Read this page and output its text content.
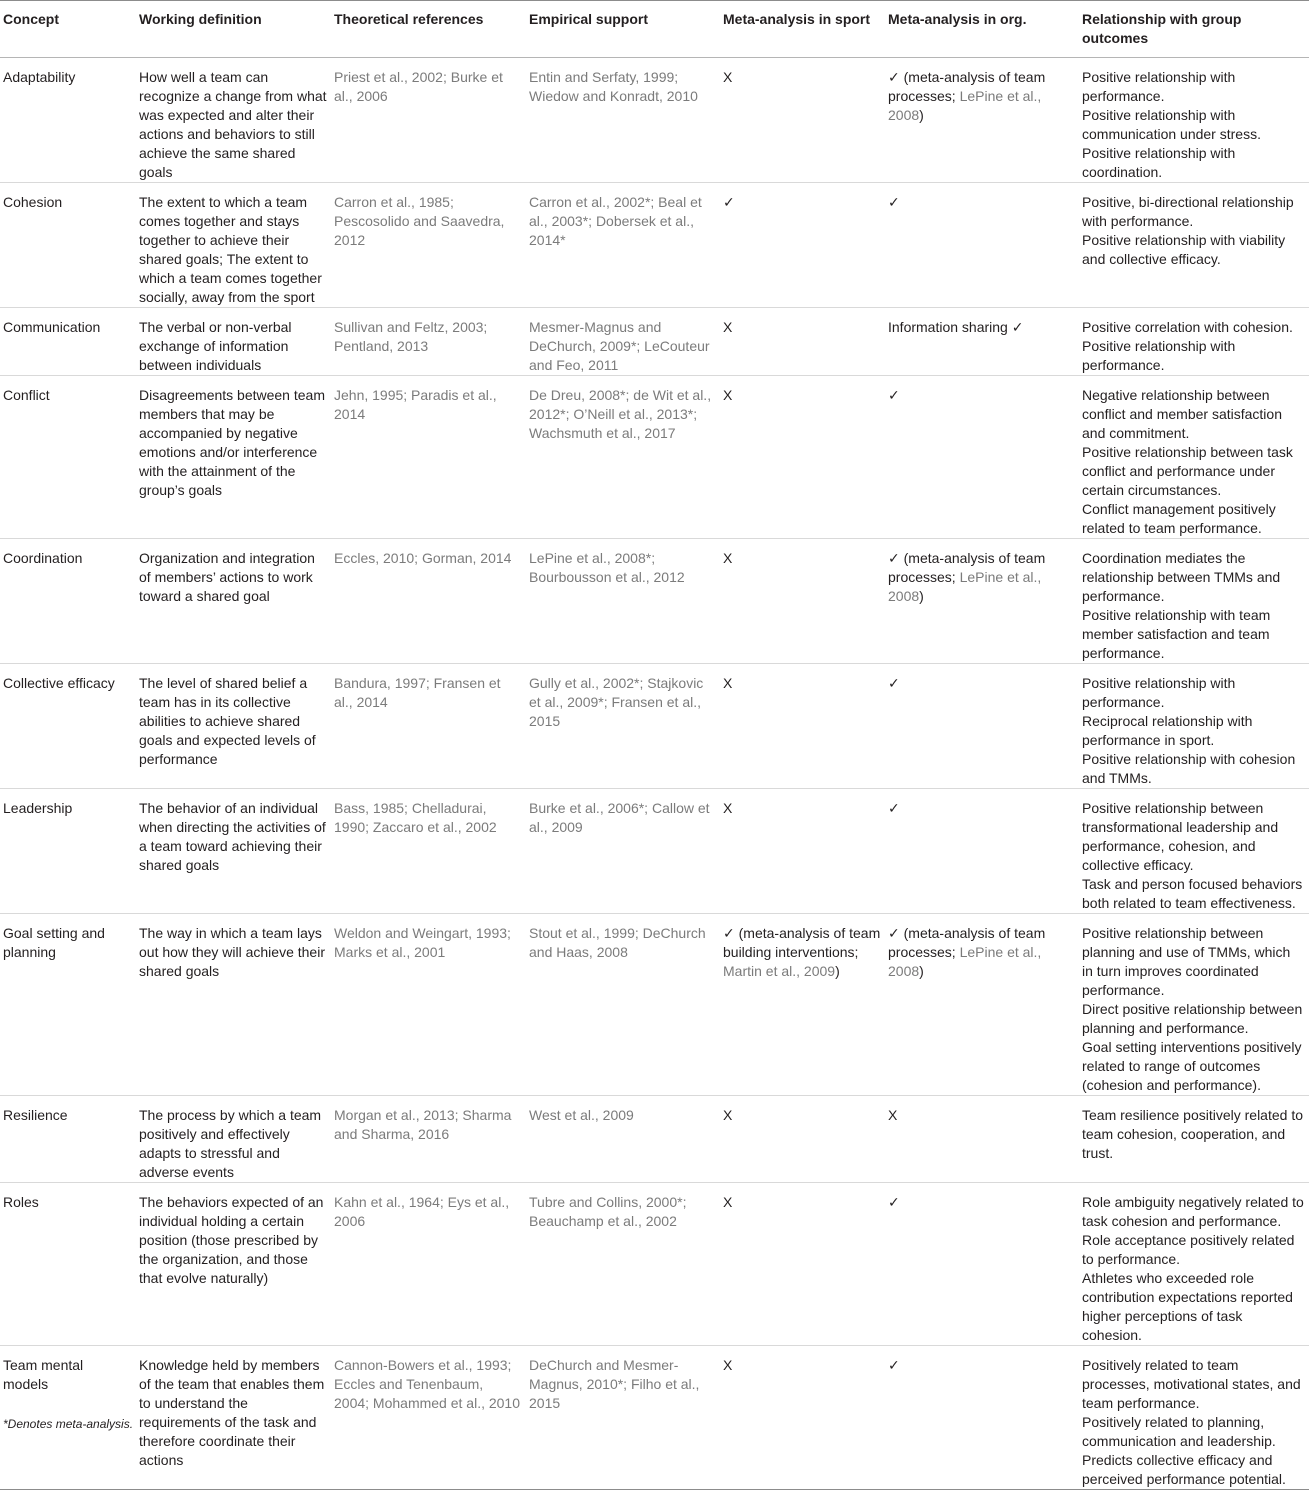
Concept	Working definition	Theoretical references	Empirical support	Meta-analysis in sport	Meta-analysis in org.	Relationship with group outcomes
Adaptability	How well a team can recognize a change from what was expected and alter their actions and behaviors to still achieve the same shared goals	Priest et al., 2002; Burke et al., 2006	Entin and Serfaty, 1999; Wiedow and Konradt, 2010	X	✓ (meta-analysis of team processes; LePine et al., 2008)	Positive relationship with performance.
Positive relationship with communication under stress.
Positive relationship with coordination.

Cohesion	The extent to which a team comes together and stays together to achieve their shared goals; The extent to which a team comes together socially, away from the sport	Carron et al., 1985; Pescosolido and Saavedra, 2012	Carron et al., 2002*; Beal et al., 2003*; Dobersek et al., 2014*	✓	✓	Positive, bi-directional relationship with performance.
Positive relationship with viability and collective efficacy.

Communication	The verbal or non-verbal exchange of information between individuals	Sullivan and Feltz, 2003; Pentland, 2013	Mesmer-Magnus and DeChurch, 2009*; LeCouteur and Feo, 2011	X	Information sharing ✓	Positive correlation with cohesion.
Positive relationship with performance.

Conflict	Disagreements between team members that may be accompanied by negative emotions and/or interference with the attainment of the group’s goals	Jehn, 1995; Paradis et al., 2014	De Dreu, 2008*; de Wit et al., 2012*; O’Neill et al., 2013*; Wachsmuth et al., 2017	X	✓	Negative relationship between conflict and member satisfaction and commitment.
Positive relationship between task conflict and performance under certain circumstances.
Conflict management positively related to team performance.

Coordination	Organization and integration of members’ actions to work toward a shared goal	Eccles, 2010; Gorman, 2014	LePine et al., 2008*; Bourbousson et al., 2012	X	✓ (meta-analysis of team processes; LePine et al., 2008)	Coordination mediates the relationship between TMMs and performance.
Positive relationship with team member satisfaction and team performance.

Collective efficacy	The level of shared belief a team has in its collective abilities to achieve shared goals and expected levels of performance	Bandura, 1997; Fransen et al., 2014	Gully et al., 2002*; Stajkovic et al., 2009*; Fransen et al., 2015	X	✓	Positive relationship with performance.
Reciprocal relationship with performance in sport.
Positive relationship with cohesion and TMMs.

Leadership	The behavior of an individual when directing the activities of a team toward achieving their shared goals	Bass, 1985; Chelladurai, 1990; Zaccaro et al., 2002	Burke et al., 2006*; Callow et al., 2009	X	✓	Positive relationship between transformational leadership and performance, cohesion, and collective efficacy.
Task and person focused behaviors both related to team effectiveness.

Goal setting and planning	The way in which a team lays out how they will achieve their shared goals	Weldon and Weingart, 1993; Marks et al., 2001	Stout et al., 1999; DeChurch and Haas, 2008	✓ (meta-analysis of team building interventions; Martin et al., 2009)	✓ (meta-analysis of team processes; LePine et al., 2008)	Positive relationship between planning and use of TMMs, which in turn improves coordinated performance.
Direct positive relationship between planning and performance.
Goal setting interventions positively related to range of outcomes (cohesion and performance).

Resilience	The process by which a team positively and effectively adapts to stressful and adverse events	Morgan et al., 2013; Sharma and Sharma, 2016	West et al., 2009	X	X	Team resilience positively related to team cohesion, cooperation, and trust.

Roles	The behaviors expected of an individual holding a certain position (those prescribed by the organization, and those that evolve naturally)	Kahn et al., 1964; Eys et al., 2006	Tubre and Collins, 2000*; Beauchamp et al., 2002	X	✓	Role ambiguity negatively related to task cohesion and performance.
Role acceptance positively related to performance.
Athletes who exceeded role contribution expectations reported higher perceptions of task cohesion.

Team mental models	Knowledge held by members of the team that enables them to understand the requirements of the task and therefore coordinate their actions	Cannon-Bowers et al., 1993; Eccles and Tenenbaum, 2004; Mohammed et al., 2010	DeChurch and Mesmer-Magnus, 2010*; Filho et al., 2015	X	✓	Positively related to team processes, motivational states, and team performance.
Positively related to planning, communication and leadership.
Predicts collective efficacy and perceived performance potential.
*Denotes meta-analysis.
